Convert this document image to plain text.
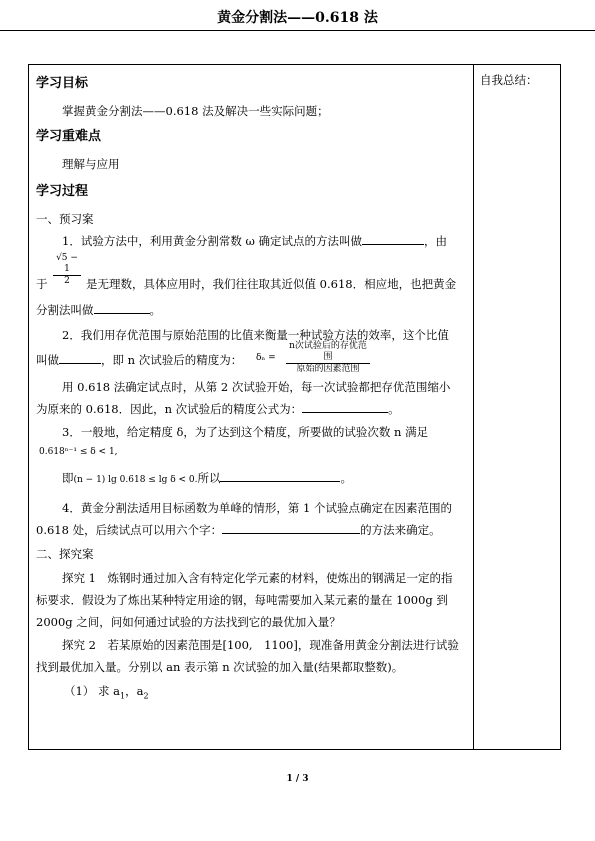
黄金分割法——0.618 法
自我总结：
学习目标
掌握黄金分割法——0.618 法及解决一些实际问题；
学习重难点
理解与应用
学习过程
一、预习案
1．试验方法中，利用黄金分割常数 ω 确定试点的方法叫做	，由
于
√5 − 1
2	是无理数，具体应用时，我们往往取其近似值 0.618．相应地，也把黄金
分割法叫做	。
2．我们用存优范围与原始范围的比值来衡量一种试验方法的效率，这个比值
叫做	，即 n 次试验后的精度为： δₙ =
n次试验后的存优范围
原始的因素范围
用 0.618 法确定试点时，从第 2 次试验开始，每一次试验都把存优范围缩小
为原来的 0.618．因此，n 次试验后的精度公式为：	。
3．一般地，给定精度 δ，为了达到这个精度，所要做的试验次数 n 满足
0.618ⁿ⁻¹ ≤ δ < 1,
即(n − 1) lg 0.618 ≤ lg δ < 0.所以	。
4．黄金分割法适用目标函数为单峰的情形，第 1 个试验点确定在因素范围的
0.618 处，后续试点可以用六个字：	的方法来确定。
二、探究案
探究 1　炼钢时通过加入含有特定化学元素的材料，使炼出的钢满足一定的指
标要求．假设为了炼出某种特定用途的钢，每吨需要加入某元素的量在 1000g 到
2000g 之间，问如何通过试验的方法找到它的最优加入量？
探究 2　若某原始的因素范围是[100,　1100]，现准备用黄金分割法进行试验
找到最优加入量。分别以 an 表示第 n 次试验的加入量(结果都取整数)。
（1） 求 $a_1$，$a_2$
1 / 3
